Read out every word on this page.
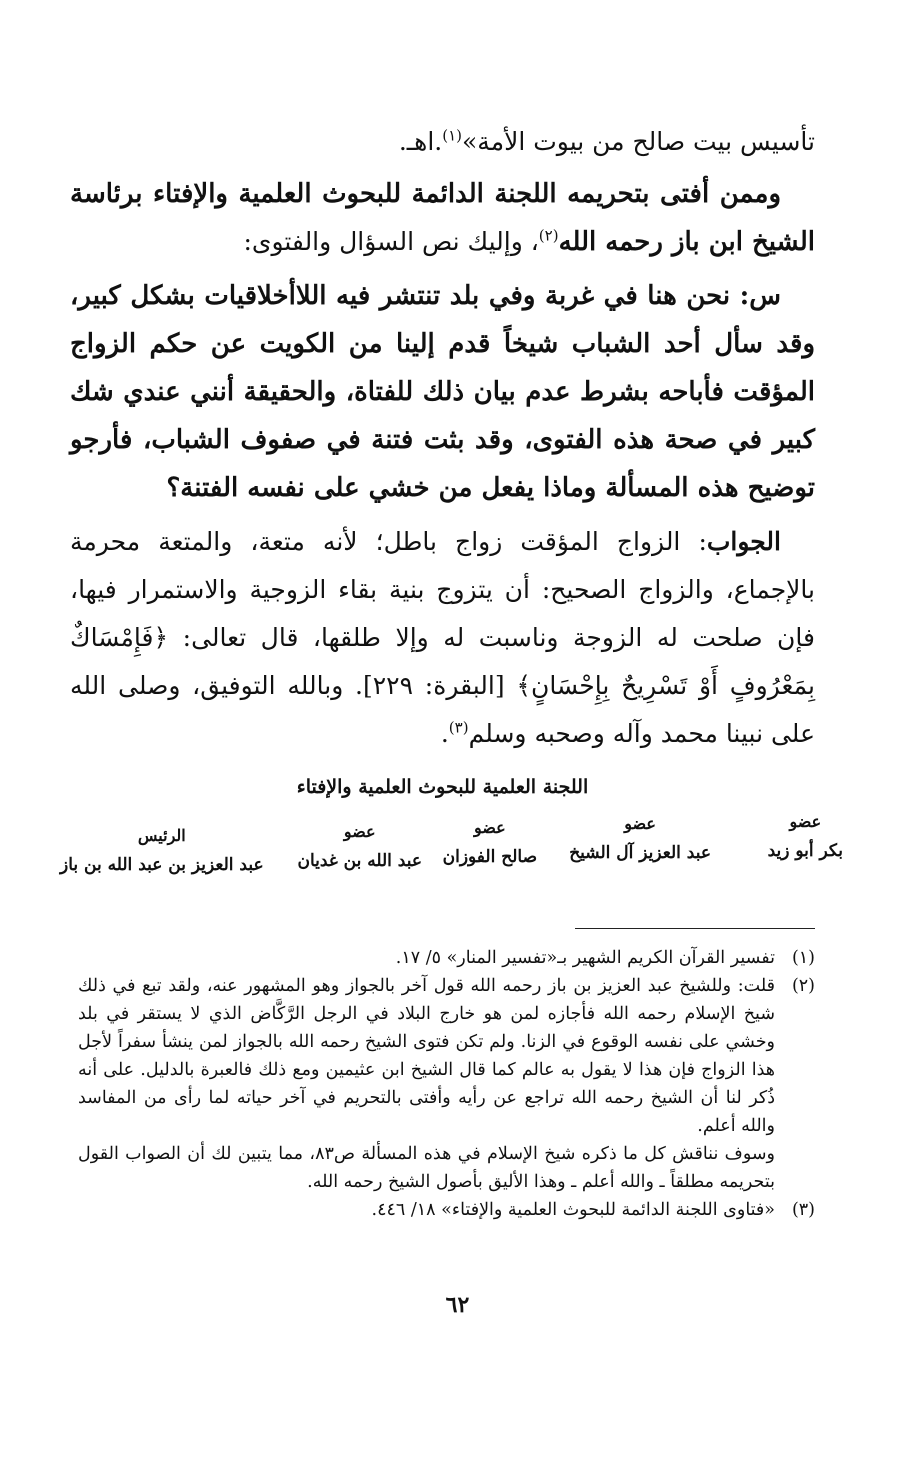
تأسيس بيت صالح من بيوت الأمة»$^{(١)}$.اهـ.

وممن أفتى بتحريمه اللجنة الدائمة للبحوث العلمية والإفتاء برئاسة الشيخ ابن باز رحمه الله$^{(٢)}$، وإليك نص السؤال والفتوى:

س: نحن هنا في غربة وفي بلد تنتشر فيه اللاأخلاقيات بشكل كبير، وقد سأل أحد الشباب شيخاً قدم إلينا من الكويت عن حكم الزواج المؤقت فأباحه بشرط عدم بيان ذلك للفتاة، والحقيقة أنني عندي شك كبير في صحة هذه الفتوى، وقد بثت فتنة في صفوف الشباب، فأرجو توضيح هذه المسألة وماذا يفعل من خشي على نفسه الفتنة؟

الجواب: الزواج المؤقت زواج باطل؛ لأنه متعة، والمتعة محرمة بالإجماع، والزواج الصحيح: أن يتزوج بنية بقاء الزوجية والاستمرار فيها، فإن صلحت له الزوجة وناسبت له وإلا طلقها، قال تعالى: ﴿فَإِمْسَاكٌ بِمَعْرُوفٍ أَوْ تَسْرِيحٌ بِإِحْسَانٍ﴾ [البقرة: ٢٢٩]. وبالله التوفيق، وصلى الله على نبينا محمد وآله وصحبه وسلم$^{(٣)}$.

اللجنة العلمية للبحوث العلمية والإفتاء
عضو
بكر أبو زيد
عضو
عبد العزيز آل الشيخ
عضو
صالح الفوزان
عضو
عبد الله بن غديان
الرئيس
عبد العزيز بن عبد الله بن باز
(١)
تفسير القرآن الكريم الشهير بـ«تفسير المنار» ٥/ ١٧.
(٢)
قلت: وللشيخ عبد العزيز بن باز رحمه الله قول آخر بالجواز وهو المشهور عنه، ولقد تبع في ذلك شيخ الإسلام رحمه الله فأجازه لمن هو خارج البلاد في الرجل الرَّكَّاض الذي لا يستقر في بلد وخشي على نفسه الوقوع في الزنا. ولم تكن فتوى الشيخ رحمه الله بالجواز لمن ينشأ سفراً لأجل هذا الزواج فإن هذا لا يقول به عالم كما قال الشيخ ابن عثيمين ومع ذلك فالعبرة بالدليل. على أنه ذُكر لنا أن الشيخ رحمه الله تراجع عن رأيه وأفتى بالتحريم في آخر حياته لما رأى من المفاسد والله أعلم.
وسوف نناقش كل ما ذكره شيخ الإسلام في هذه المسألة ص٨٣، مما يتبين لك أن الصواب القول بتحريمه مطلقاً ـ والله أعلم ـ وهذا الأليق بأصول الشيخ رحمه الله.
(٣)
«فتاوى اللجنة الدائمة للبحوث العلمية والإفتاء» ١٨/ ٤٤٦.
٦٢
